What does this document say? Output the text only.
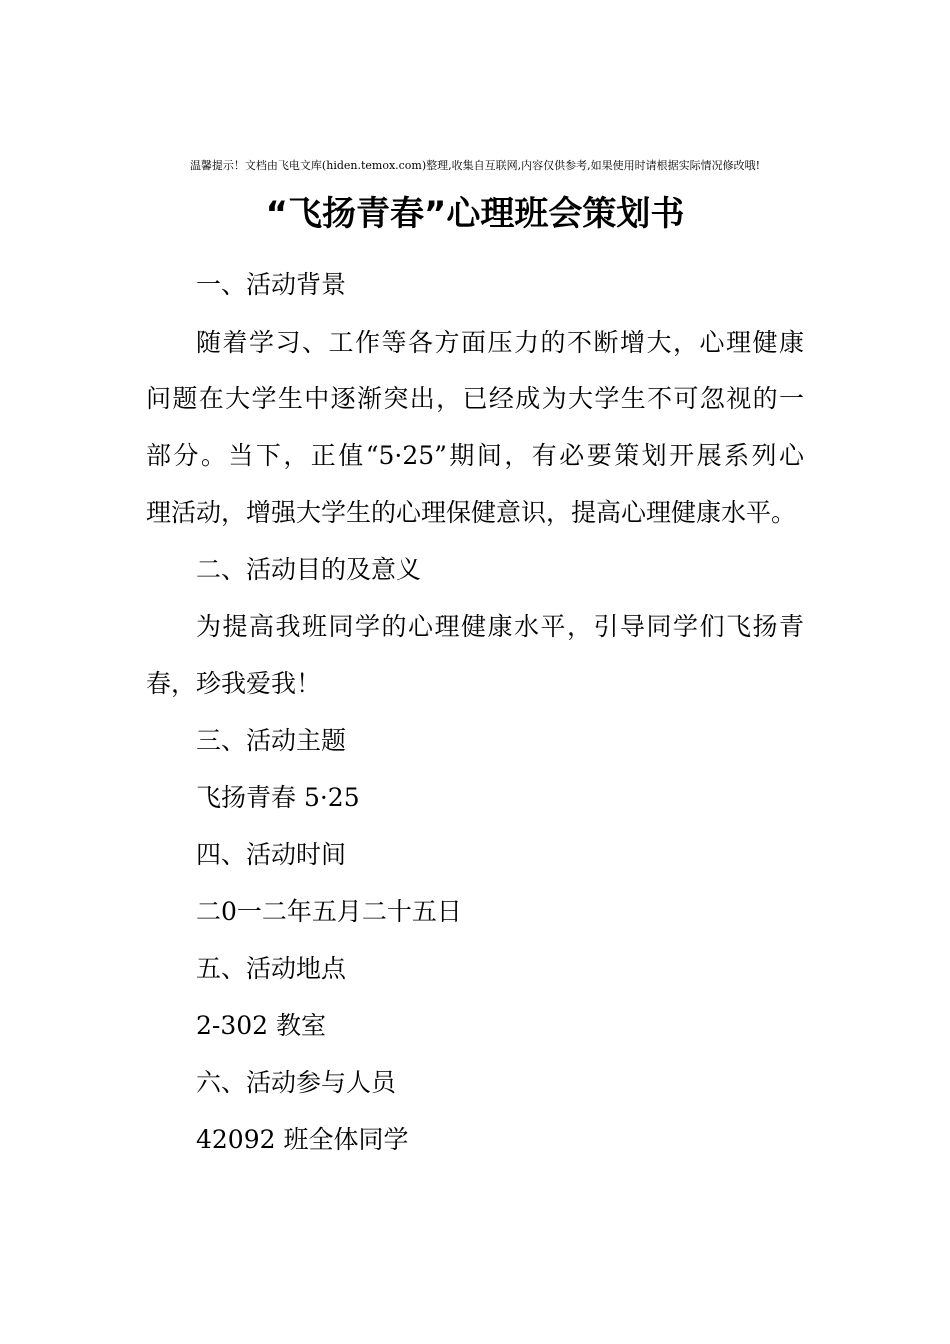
温馨提示！文档由飞电文库(hiden.temox.com)整理,收集自互联网,内容仅供参考,如果使用时请根据实际情况修改哦!
“飞扬青春”心理班会策划书
一、活动背景
随着学习、工作等各方面压力的不断增大，心理健康
问题在大学生中逐渐突出，已经成为大学生不可忽视的一
部分。当下，正值“5·25”期间，有必要策划开展系列心
理活动，增强大学生的心理保健意识，提高心理健康水平。
二、活动目的及意义
为提高我班同学的心理健康水平，引导同学们飞扬青
春，珍我爱我！
三、活动主题
飞扬青春 5·25
四、活动时间
二0一二年五月二十五日
五、活动地点
2-302 教室
六、活动参与人员
42092 班全体同学
